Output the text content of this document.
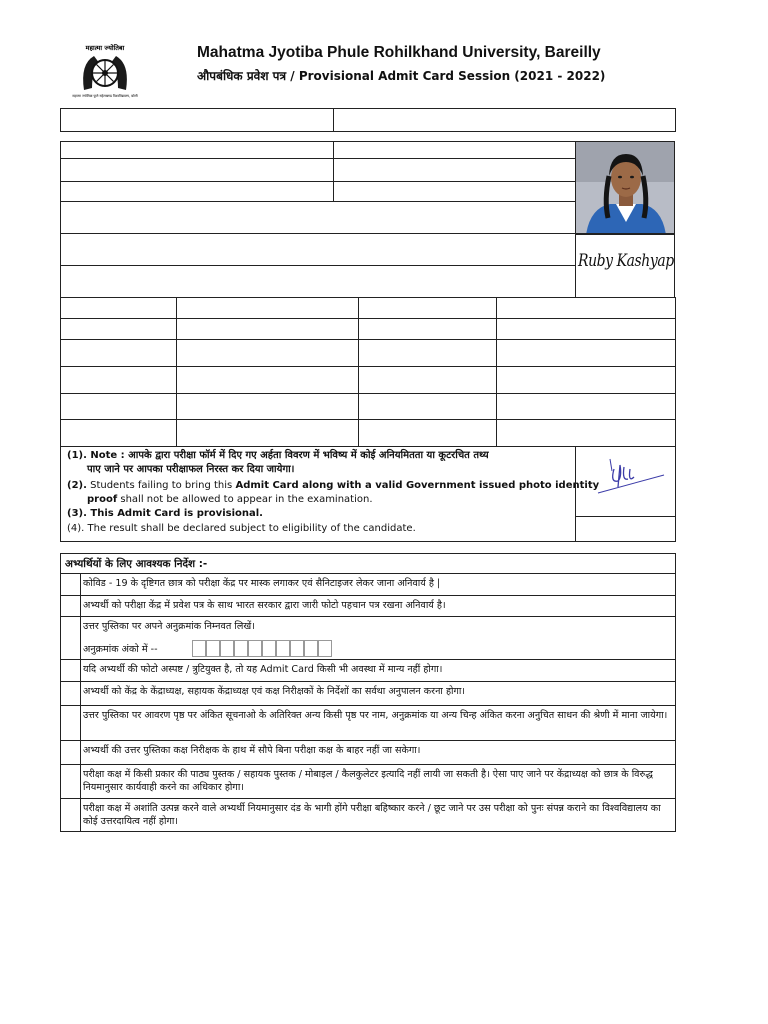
महात्मा ज्योतिबा
महात्मा ज्योतिबा फुले रुहेलखण्ड विश्वविद्यालय, बरेली
Mahatma Jyotiba Phule Rohilkhand University, Bareilly
औपबंधिक प्रवेश पत्र / Provisional Admit Card Session (2021 - 2022)
Ruby Kashyap
(1). Note : आपके द्वारा परीक्षा फॉर्म में दिए गए अर्हता विवरण में भविष्य में कोई अनियमितता या कूटरचित तथ्य
पाए जाने पर आपका परीक्षाफल निरस्त कर दिया जायेगा।
(2). Students failing to bring this Admit Card along with a valid Government issued photo identity
proof shall not be allowed to appear in the examination.
(3). This Admit Card is provisional.
(4). The result shall be declared subject to eligibility of the candidate.
अभ्यर्थियों के लिए आवश्यक निर्देश :-
कोविड - 19 के दृष्टिगत छात्र को परीक्षा केंद्र पर मास्क लगाकर एवं सैनिटाइजर लेकर जाना अनिवार्य है |
अभ्यर्थी को परीक्षा केंद्र में प्रवेश पत्र के साथ भारत सरकार द्वारा जारी फोटो पहचान पत्र रखना अनिवार्य है।
उत्तर पुस्तिका पर अपने अनुक्रमांक निम्नवत लिखें।
अनुक्रमांक अंको में --
यदि अभ्यर्थी की फोटो अस्पष्ट / त्रुटियुक्त है, तो यह Admit Card किसी भी अवस्था में मान्य नहीं होगा।
अभ्यर्थी को केंद्र के केंद्राध्यक्ष, सहायक केंद्राध्यक्ष एवं कक्ष निरीक्षकों के निर्देशों का सर्वथा अनुपालन करना होगा।
उत्तर पुस्तिका पर आवरण पृष्ठ पर अंकित सूचनाओ के अतिरिक्त अन्य किसी पृष्ठ पर नाम, अनुक्रमांक या अन्य चिन्ह अंकित करना अनुचित साधन की श्रेणी में माना जायेगा।
अभ्यर्थी की उत्तर पुस्तिका कक्ष निरीक्षक के हाथ में सौपे बिना परीक्षा कक्ष के बाहर नहीं जा सकेगा।
परीक्षा कक्ष में किसी प्रकार की पाठ्य पुस्तक / सहायक पुस्तक / मोबाइल / कैलकुलेटर इत्यादि नहीं लायी जा सकती है। ऐसा पाए जाने पर केंद्राध्यक्ष को छात्र के विरुद्ध नियमानुसार कार्यवाही करने का अधिकार होगा।
परीक्षा कक्ष में अशांति उत्पन्न करने वाले अभ्यर्थी नियमानुसार दंड के भागी होंगे परीक्षा बहिष्कार करने / छूट जाने पर उस परीक्षा को पुनः संपन्न कराने का विश्वविद्यालय का कोई उत्तरदायित्व नहीं होगा।
